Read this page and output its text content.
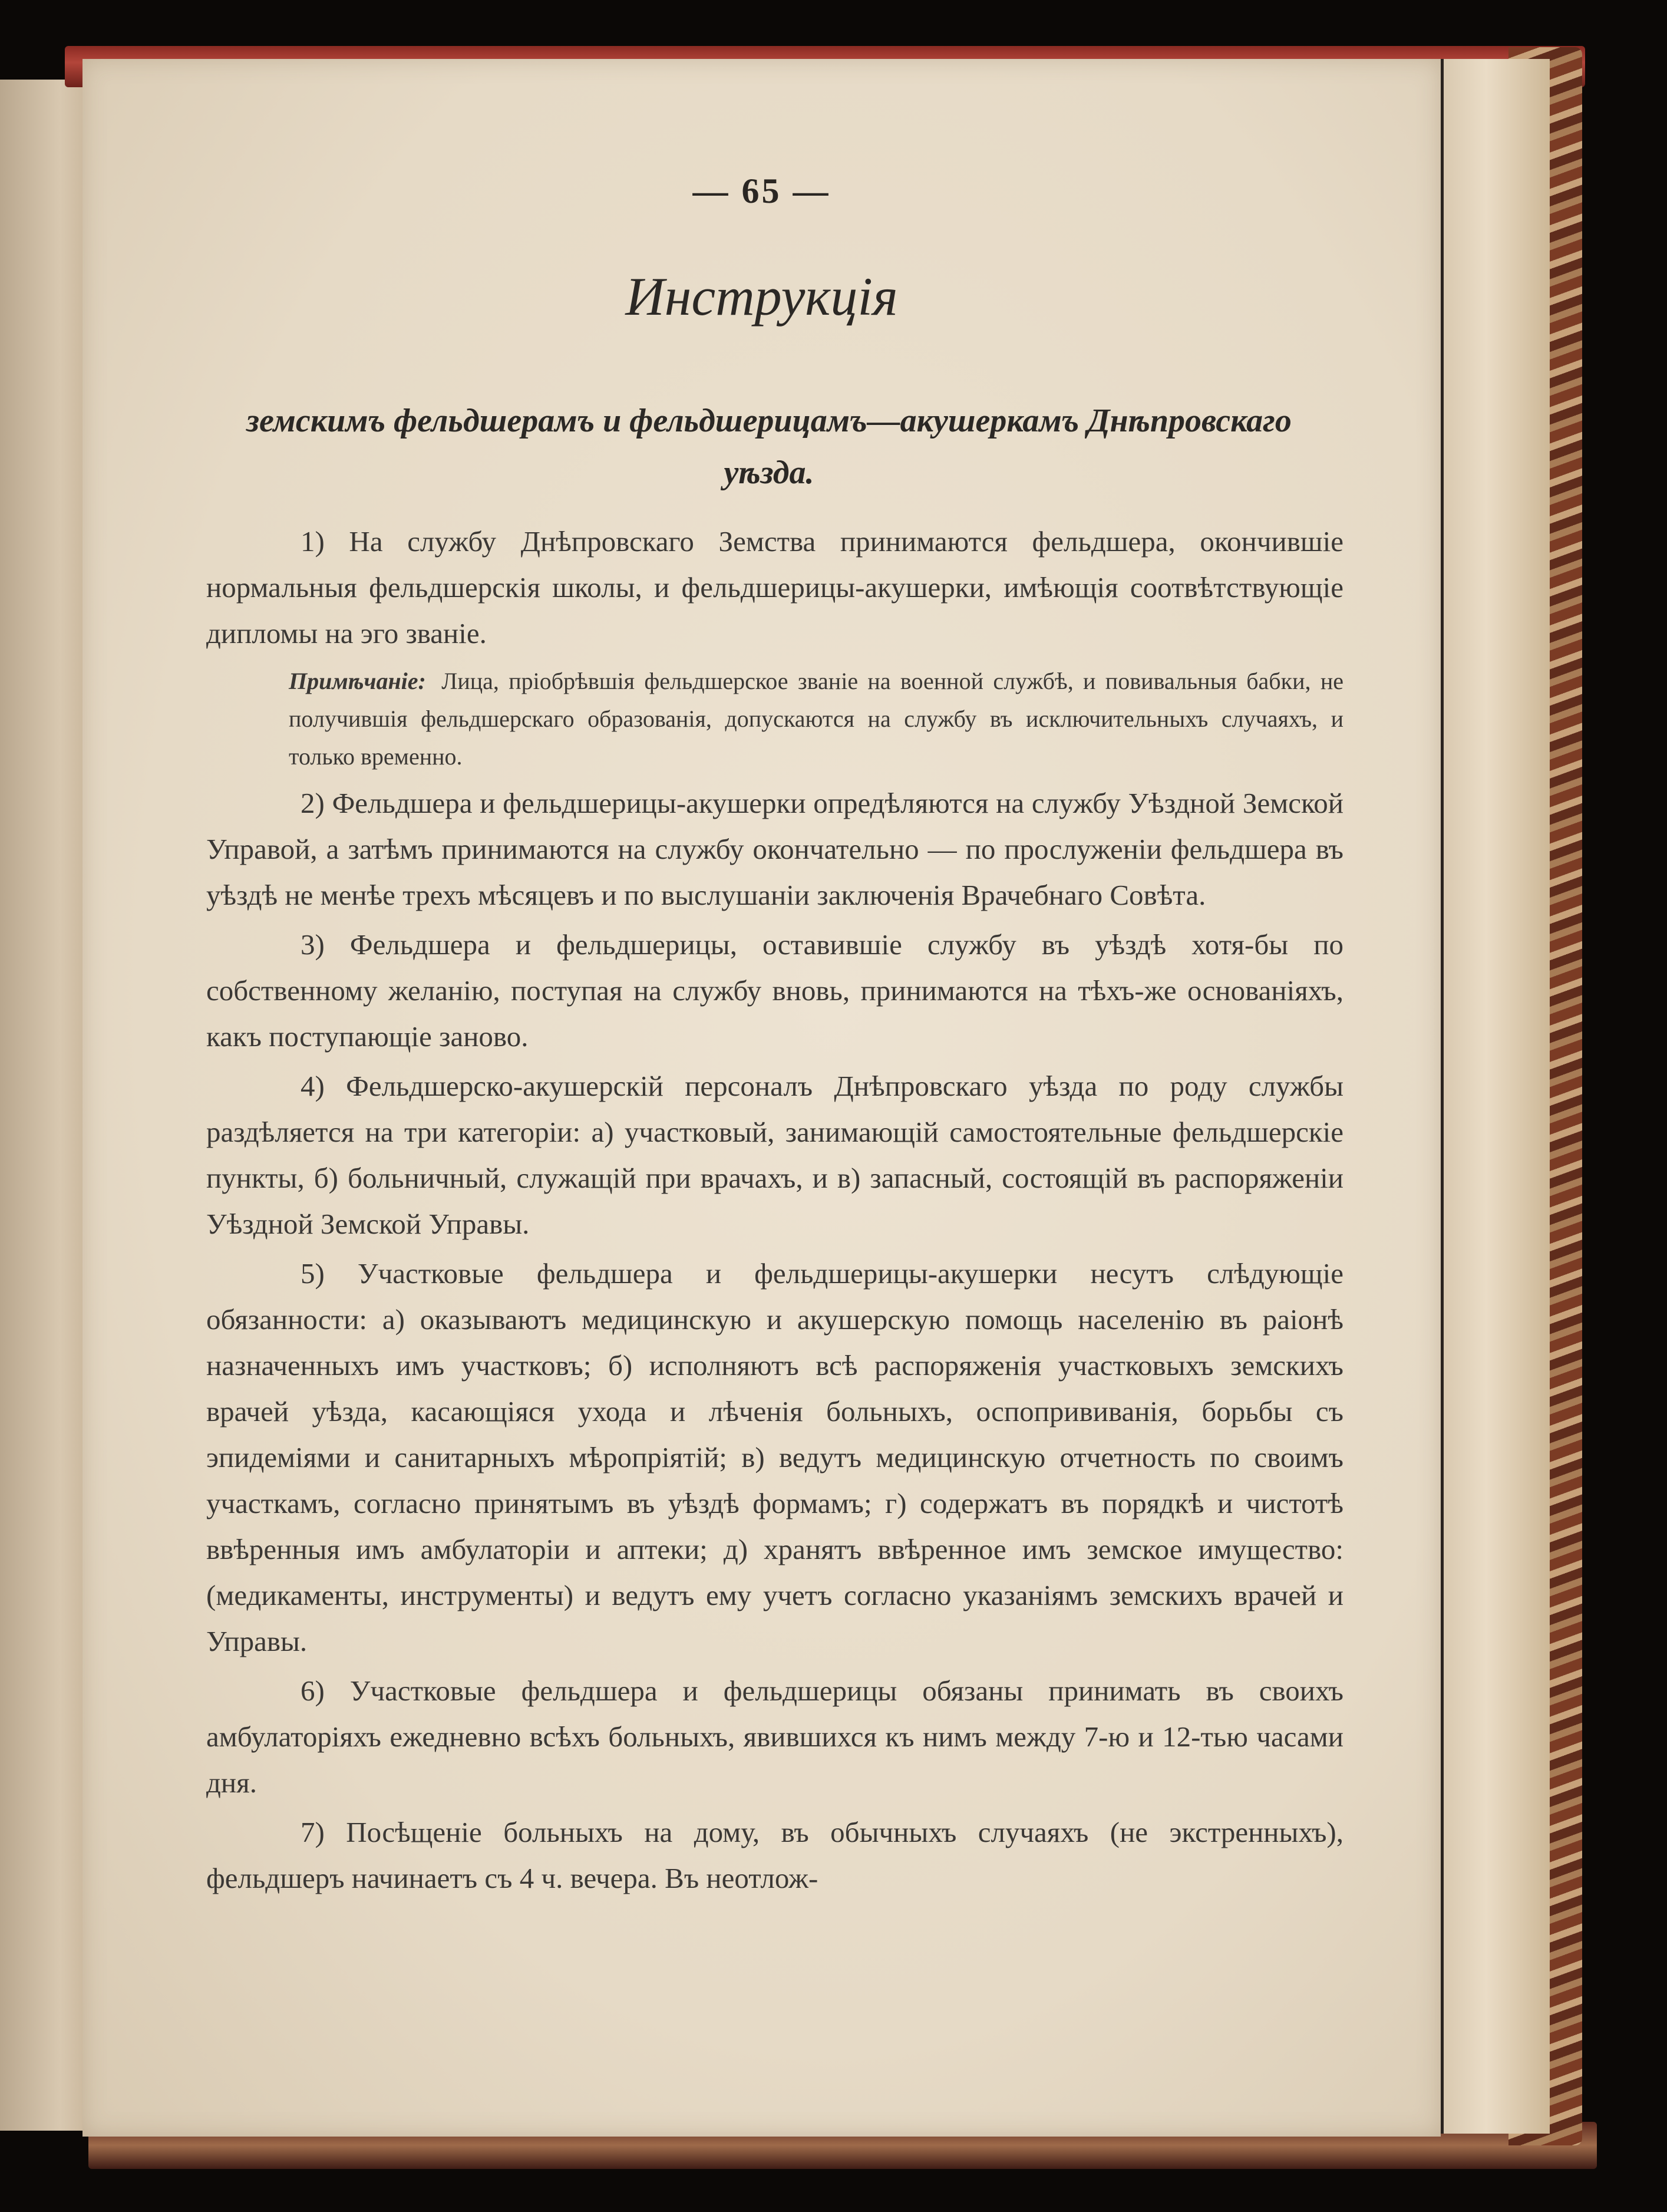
— 65 —
Инструкція
земскимъ фельдшерамъ и фельдшерицамъ—акушеркамъ Днѣпровскаго уѣзда.

1) На службу Днѣпровскаго Земства принимаются фельдшера, окончившіе нормальныя фельдшерскія школы, и фельдшерицы-акушерки, имѣющія соотвѣтствующіе дипломы на эго званіе.

Примѣчаніе: Лица, пріобрѣвшія фельдшерское званіе на военной службѣ, и повивальныя бабки, не получившія фельдшерскаго образованія, допускаются на службу въ исключительныхъ случаяхъ, и только временно.

2) Фельдшера и фельдшерицы-акушерки опредѣляются на службу Уѣздной Земской Управой, а затѣмъ принимаются на службу окончательно — по прослуженіи фельдшера въ уѣздѣ не менѣе трехъ мѣсяцевъ и по выслушаніи заключенія Врачебнаго Совѣта.

3) Фельдшера и фельдшерицы, оставившіе службу въ уѣздѣ хотя-бы по собственному желанію, поступая на службу вновь, принимаются на тѣхъ-же основаніяхъ, какъ поступающіе заново.

4) Фельдшерско-акушерскій персоналъ Днѣпровскаго уѣзда по роду службы раздѣляется на три категоріи: а) участковый, занимающій самостоятельные фельдшерскіе пункты, б) больничный, служащій при врачахъ, и в) запасный, состоящій въ распоряженіи Уѣздной Земской Управы.

5) Участковые фельдшера и фельдшерицы-акушерки несутъ слѣдующіе обязанности: а) оказываютъ медицинскую и акушерскую помощь населенію въ раіонѣ назначенныхъ имъ участковъ; б) исполняютъ всѣ распоряженія участковыхъ земскихъ врачей уѣзда, касающіяся ухода и лѣченія больныхъ, оспопрививанія, борьбы съ эпидеміями и санитарныхъ мѣропріятій; в) ведутъ медицинскую отчетность по своимъ участкамъ, согласно принятымъ въ уѣздѣ формамъ; г) содержатъ въ порядкѣ и чистотѣ ввѣренныя имъ амбулаторіи и аптеки; д) хранятъ ввѣренное имъ земское имущество: (медикаменты, инструменты) и ведутъ ему учетъ согласно указаніямъ земскихъ врачей и Управы.

6) Участковые фельдшера и фельдшерицы обязаны принимать въ своихъ амбулаторіяхъ ежедневно всѣхъ больныхъ, явившихся къ нимъ между 7-ю и 12-тью часами дня.

7) Посѣщеніе больныхъ на дому, въ обычныхъ случаяхъ (не экстренныхъ), фельдшеръ начинаетъ съ 4 ч. вечера. Въ неотлож-
